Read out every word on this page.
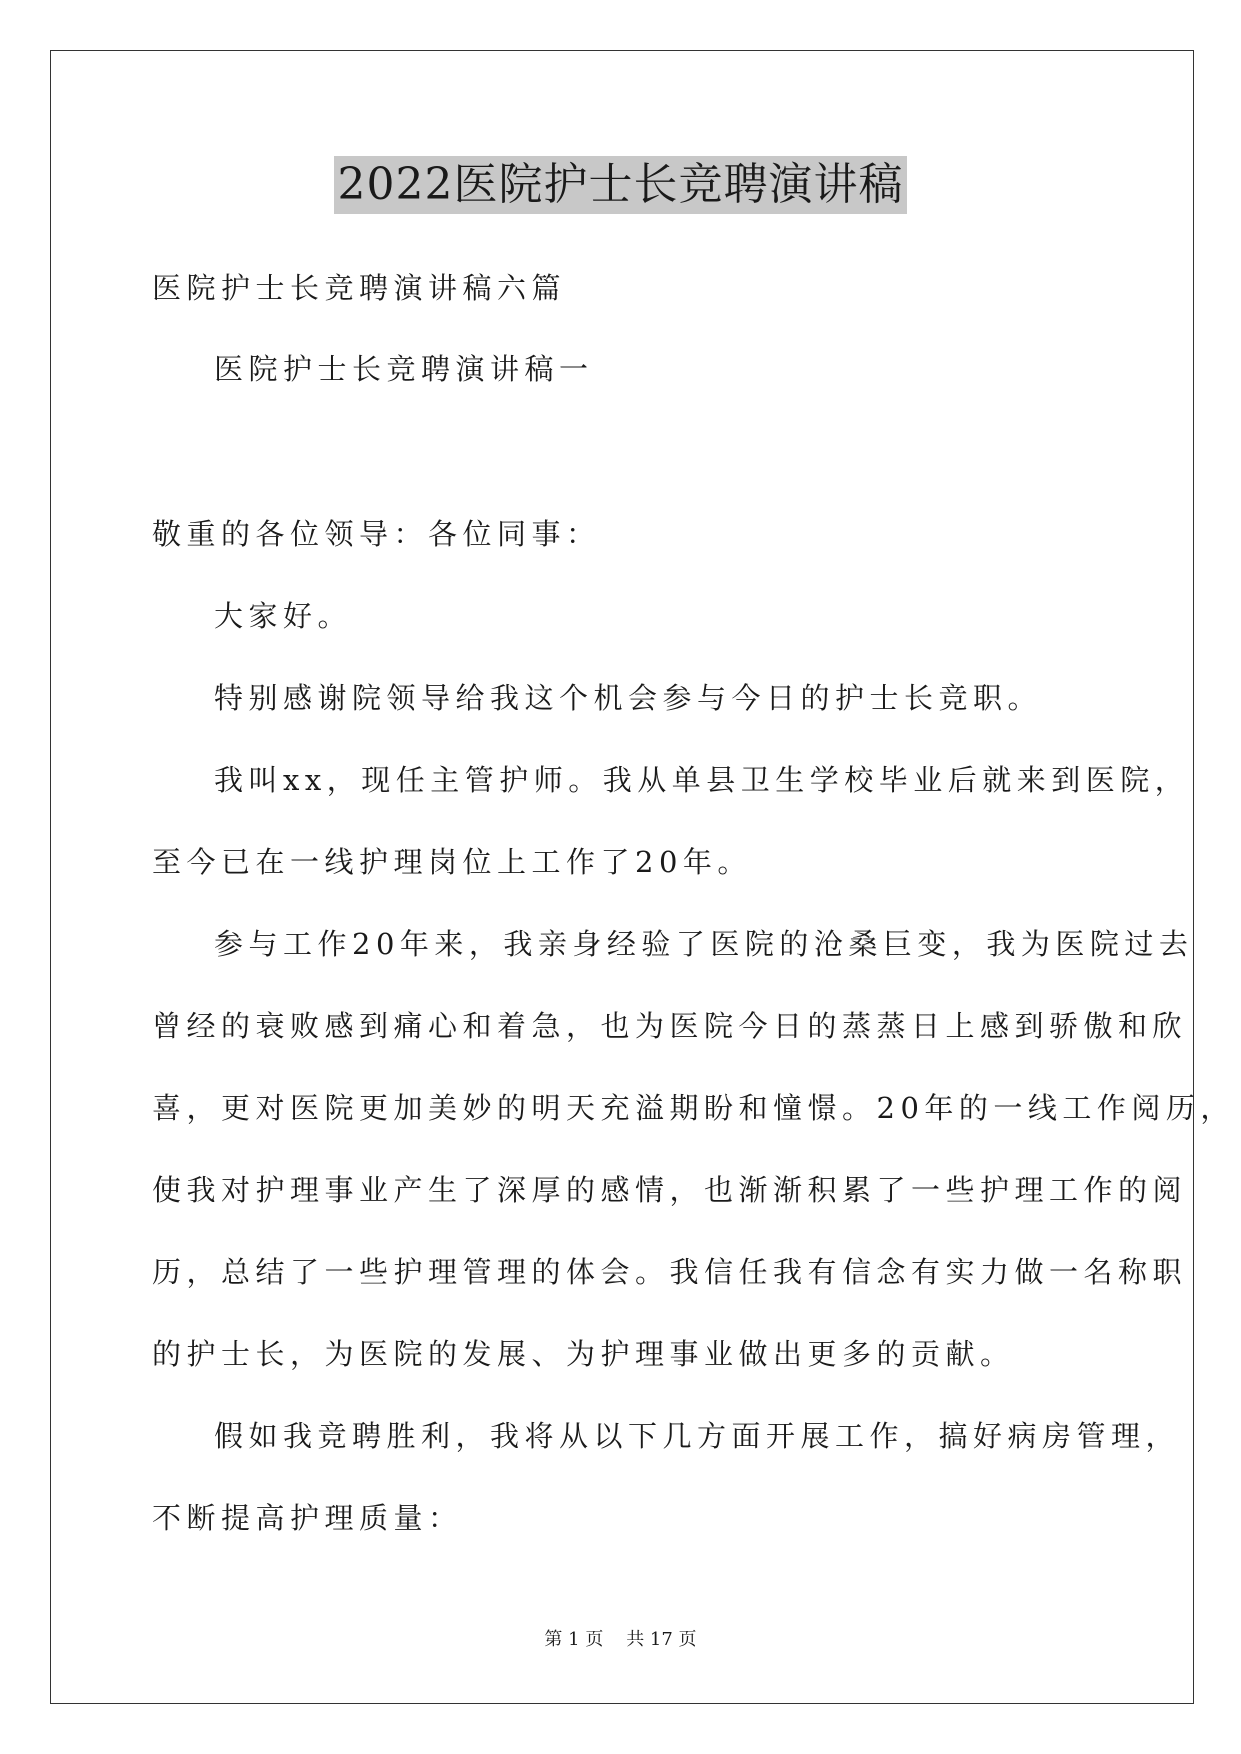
2022医院护士长竞聘演讲稿
医院护士长竞聘演讲稿六篇
医院护士长竞聘演讲稿一
敬重的各位领导：各位同事：
大家好。
特别感谢院领导给我这个机会参与今日的护士长竞职。
我叫xx，现任主管护师。我从单县卫生学校毕业后就来到医院，
至今已在一线护理岗位上工作了20年。
参与工作20年来，我亲身经验了医院的沧桑巨变，我为医院过去
曾经的衰败感到痛心和着急，也为医院今日的蒸蒸日上感到骄傲和欣
喜，更对医院更加美妙的明天充溢期盼和憧憬。20年的一线工作阅历，
使我对护理事业产生了深厚的感情，也渐渐积累了一些护理工作的阅
历，总结了一些护理管理的体会。我信任我有信念有实力做一名称职
的护士长，为医院的发展、为护理事业做出更多的贡献。
假如我竞聘胜利，我将从以下几方面开展工作，搞好病房管理，
不断提高护理质量：
第 1 页    共 17 页
